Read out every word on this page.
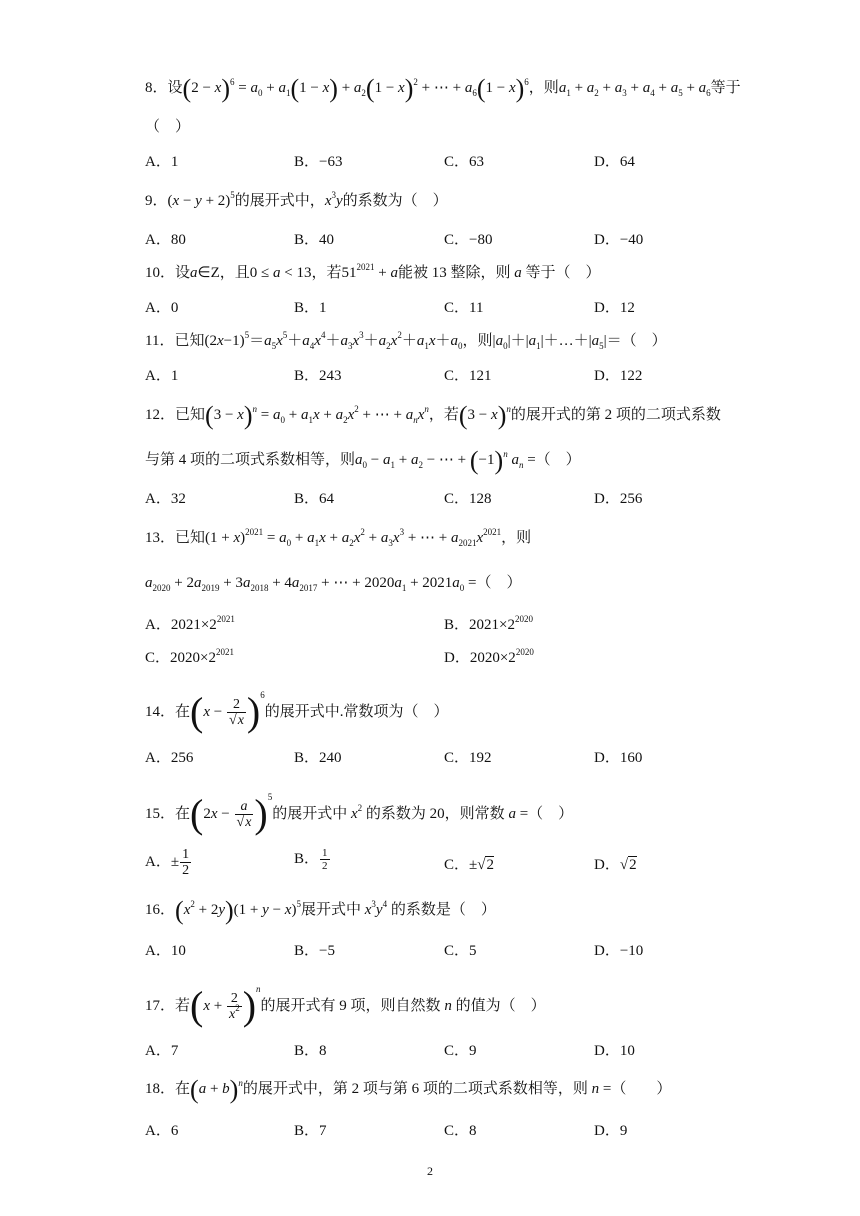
8．设$(2 - x)^6 = a_0 + a_1(1 - x) + a_2(1 - x)^2$ + ⋯ + $a_6(1 - x)^6$，则$a_1 + a_2 + a_3 + a_4 + a_5 + a_6$等于
（　）
A．1	B．−63	C．63	D．64
9．$(x - y + 2)^5$的展开式中，$x^3y$的系数为（　）
A．80	B．40	C．−80	D．−40
10．设a∈Z，且0 ≤ a < 13，若$51^{2021} + a$能被 13 整除，则 a 等于（　）
A．0	B．1	C．11	D．12
11．已知$(2x-1)^5=a_5x^5+a_4x^4+a_3x^3+a_2x^2+a_1x+a_0$，则$|a_0|+|a_1|+\dots+|a_5|=$（　）
A．1	B．243	C．121	D．122
12．已知$(3 - x)^n = a_0 + a_1x + a_2x^2$ + ⋯ + $a_nx^n$，若$(3 - x)^n$的展开式的第 2 项的二项式系数
与第 4 项的二项式系数相等，则$a_0 - a_1 + a_2$ − ⋯ + $(-1)^n$ $a_n$ =（　）
A．32	B．64	C．128	D．256
13．已知$(1 + x)^{2021} = a_0 + a_1x + a_2x^2 + a_3x^3$ + ⋯ + $a_{2021}x^{2021}$，则
$a_{2020} + 2a_{2019} + 3a_{2018} + 4a_{2017}$ + ⋯ + $2020a_1 + 2021a_0$ =（　）
A．$2021\times 2^{2021}$	B．$2021\times 2^{2020}$
C．$2020\times 2^{2021}$	D．$2020\times 2^{2020}$
14．在$(x - \frac{2}{√x} )^6$的展开式中.常数项为（　）
A．256	B．240	C．192	D．160
15．在$(2x - \frac{a}{√x} )^5$的展开式中 $x^2$ 的系数为 20，则常数 a =（　）
A．± $\frac{1}{2}$	B． $\frac{1}{2}$	C．±√2	D．√2
16．$(x^2 + 2y)(1 + y - x)^5$展开式中 $x^3y^4$ 的系数是（　）
A．10	B．−5	C．5	D．−10
17．若$(x + \frac{2}{x^2} )^n$的展开式有 9 项，则自然数 n 的值为（　）
A．7	B．8	C．9	D．10
18．在$(a + b)^n$的展开式中，第 2 项与第 6 项的二项式系数相等，则 n =（　　）
A．6	B．7	C．8	D．9
2
